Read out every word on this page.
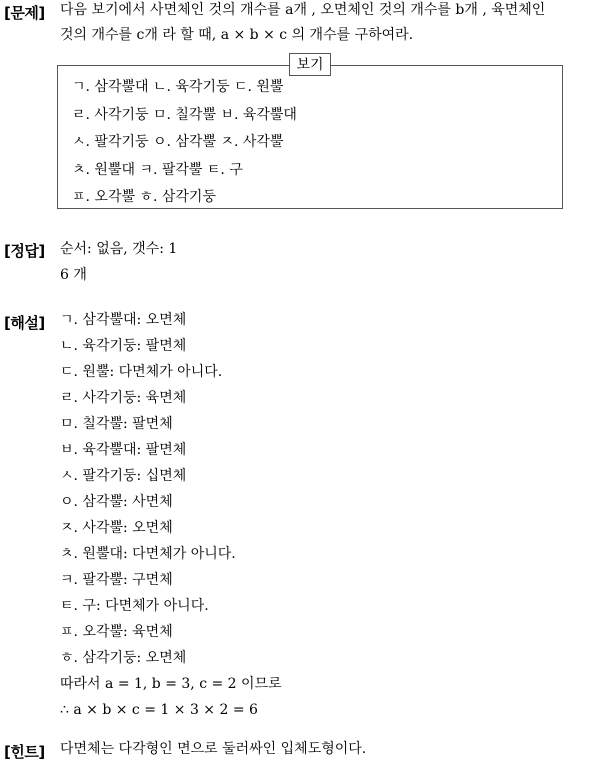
[문제] 다음 보기에서 사면체인 것의 개수를 a개 , 오면체인 것의 개수를 b개 , 육면체인
것의 개수를 c개 라 할 때, a × b × c 의 개수를 구하여라.
ㄱ. 삼각뿔대 ㄴ. 육각기둥 ㄷ. 원뿔
ㄹ. 사각기둥 ㅁ. 칠각뿔 ㅂ. 육각뿔대
ㅅ. 팔각기둥 ㅇ. 삼각뿔 ㅈ. 사각뿔
ㅊ. 원뿔대 ㅋ. 팔각뿔 ㅌ. 구
ㅍ. 오각뿔 ㅎ. 삼각기둥
보기
[정답] 순서: 없음, 갯수: 1
6 개
[해설] ㄱ. 삼각뿔대: 오면체
ㄴ. 육각기둥: 팔면체
ㄷ. 원뿔: 다면체가 아니다.
ㄹ. 사각기둥: 육면체
ㅁ. 칠각뿔: 팔면체
ㅂ. 육각뿔대: 팔면체
ㅅ. 팔각기둥: 십면체
ㅇ. 삼각뿔: 사면체
ㅈ. 사각뿔: 오면체
ㅊ. 원뿔대: 다면체가 아니다.
ㅋ. 팔각뿔: 구면체
ㅌ. 구: 다면체가 아니다.
ㅍ. 오각뿔: 육면체
ㅎ. 삼각기둥: 오면체
따라서 a = 1, b = 3, c = 2 이므로
∴ a × b × c = 1 × 3 × 2 = 6
[힌트] 다면체는 다각형인 면으로 둘러싸인 입체도형이다.
